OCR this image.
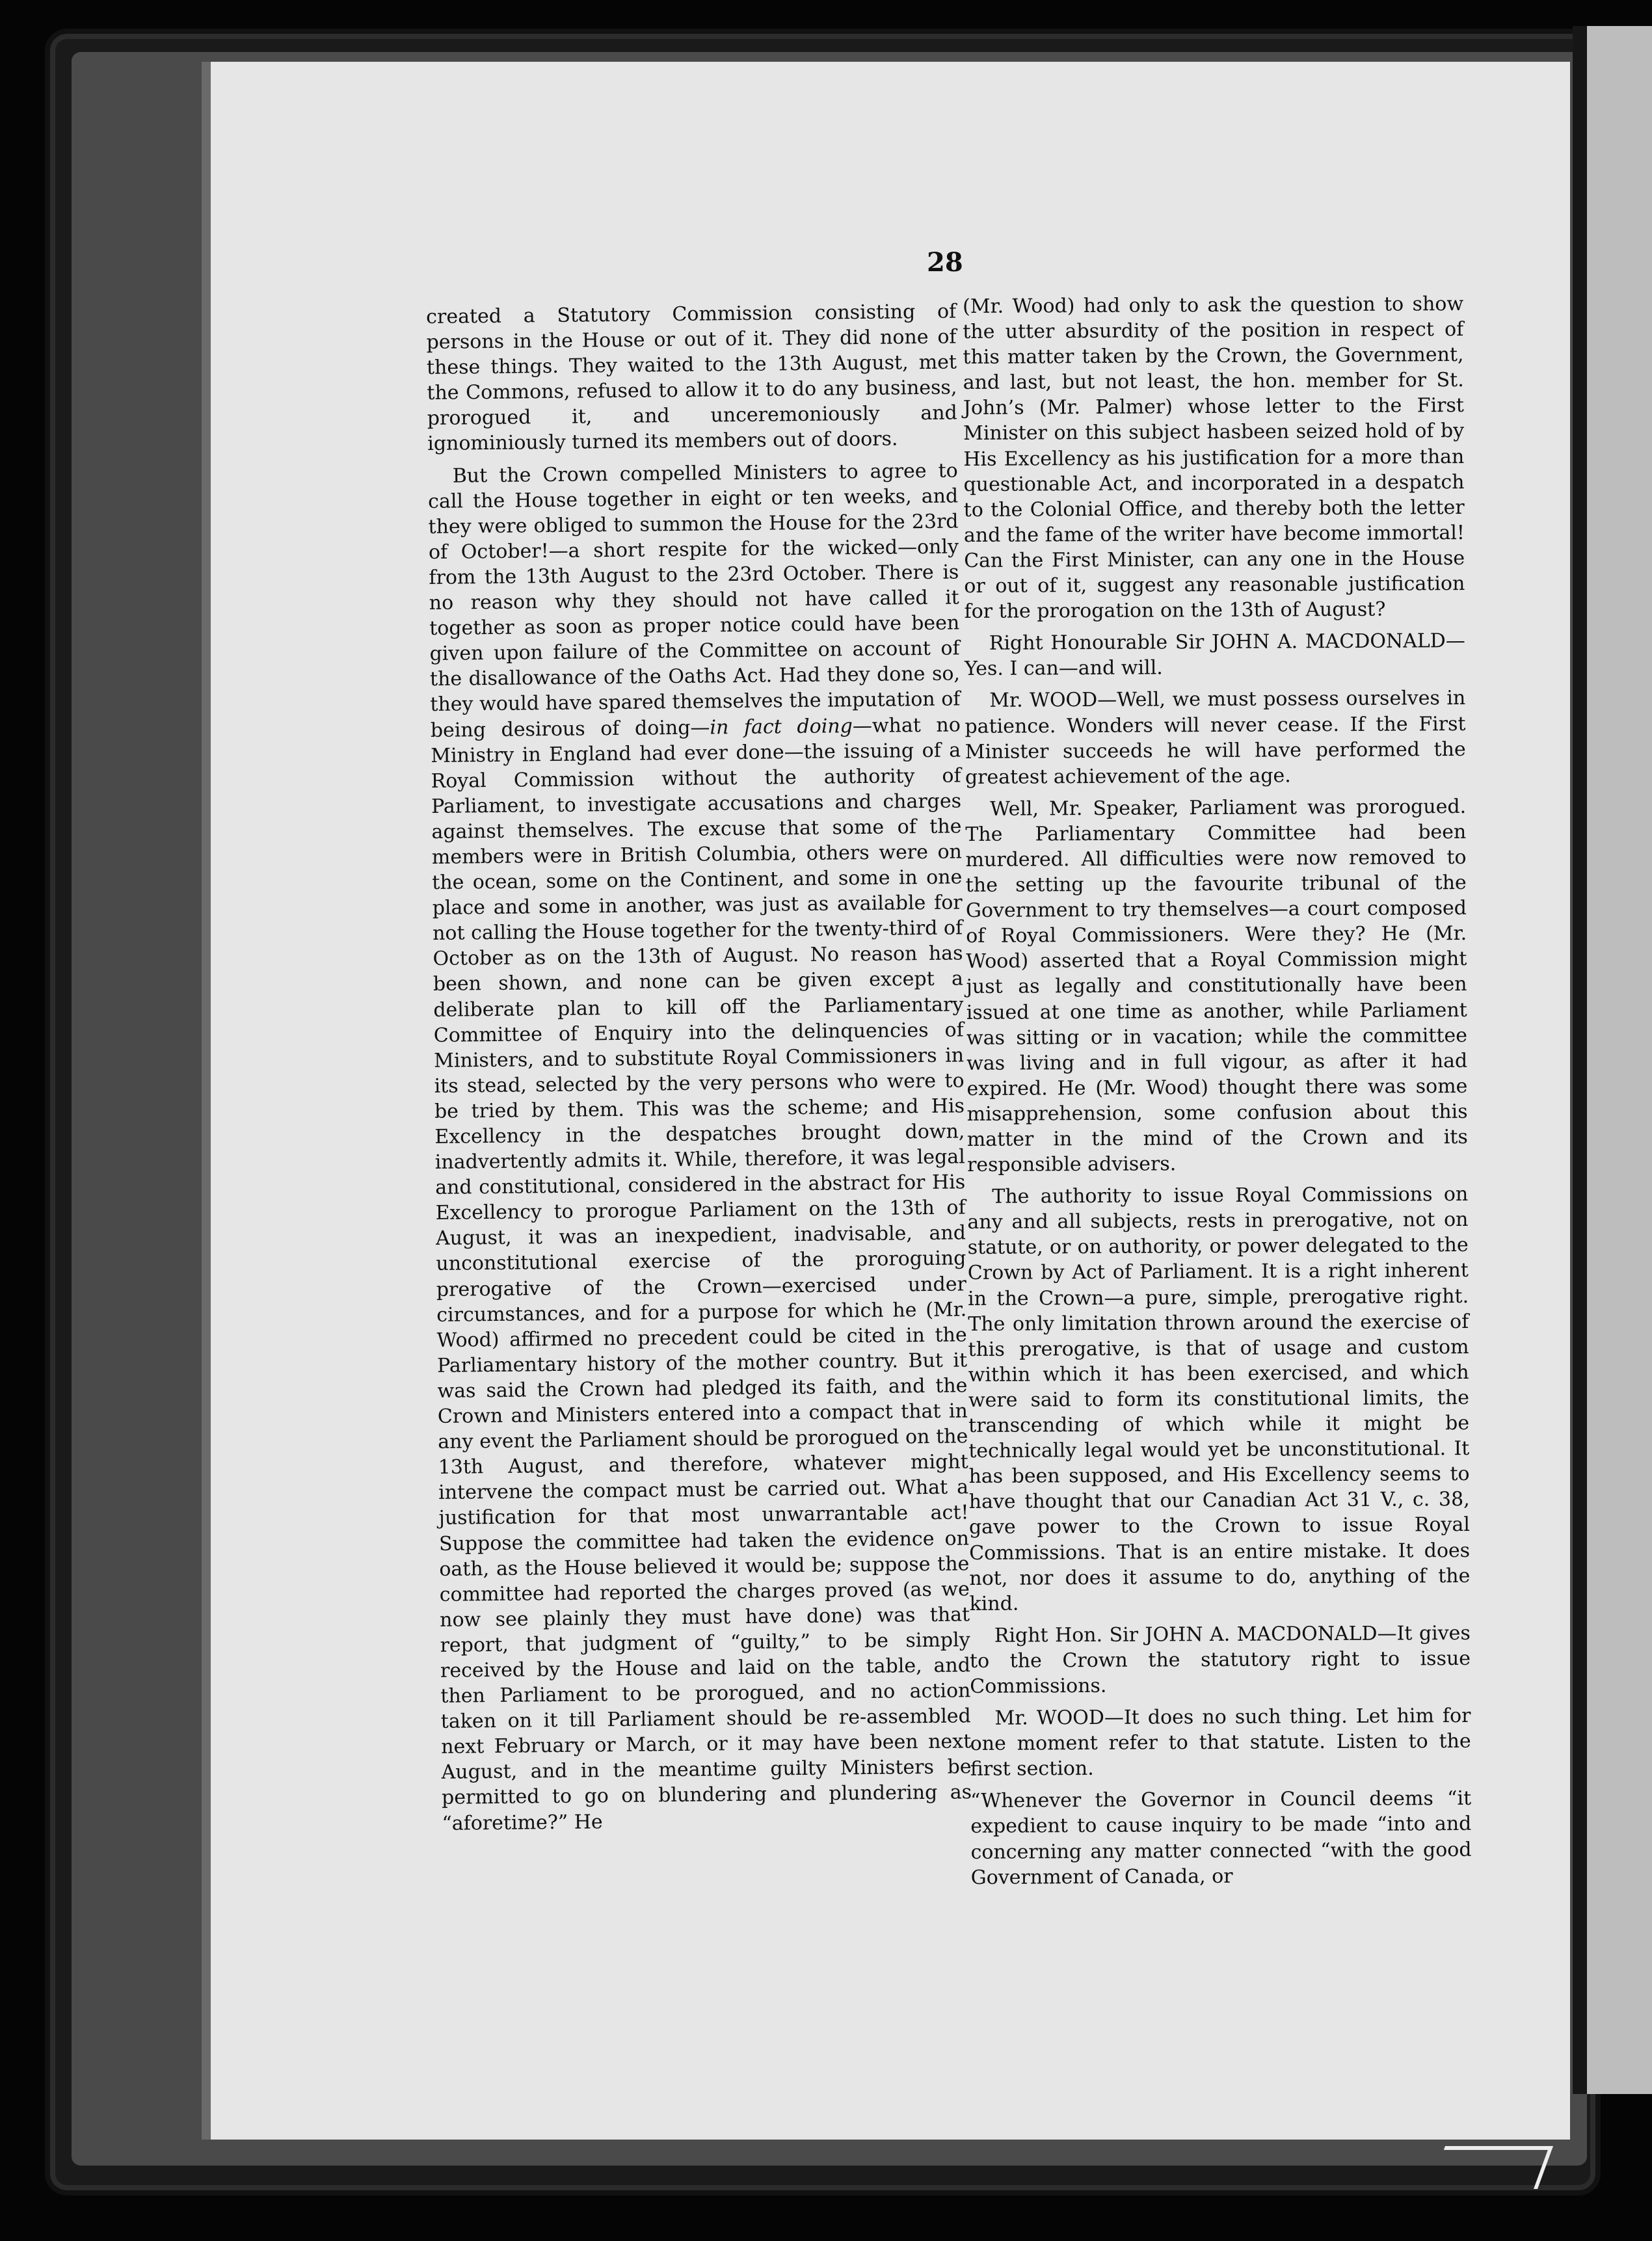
28

created a Statutory Commission consisting of persons in the House or out of it. They did none of these things. They waited to the 13th August, met the Commons, refused to allow it to do any business, prorogued it, and unceremoniously and ignominiously turned its members out of doors.

But the Crown compelled Ministers to agree to call the House together in eight or ten weeks, and they were obliged to summon the House for the 23rd of October!—a short respite for the wicked—only from the 13th August to the 23rd October. There is no reason why they should not have called it together as soon as proper notice could have been given upon failure of the Committee on account of the disallowance of the Oaths Act. Had they done so, they would have spared themselves the imputation of being desirous of doing—in fact doing—what no Ministry in England had ever done—the issuing of a Royal Commission without the authority of Parliament, to investigate accusations and charges against themselves. The excuse that some of the members were in British Columbia, others were on the ocean, some on the Continent, and some in one place and some in another, was just as available for not calling the House together for the twenty-third of October as on the 13th of August. No reason has been shown, and none can be given except a deliberate plan to kill off the Parliamentary Committee of Enquiry into the delinquencies of Ministers, and to substitute Royal Commissioners in its stead, selected by the very persons who were to be tried by them. This was the scheme; and His Excellency in the despatches brought down, inadvertently admits it. While, therefore, it was legal and constitutional, considered in the abstract for His Excellency to prorogue Parliament on the 13th of August, it was an inexpedient, inadvisable, and unconstitutional exercise of the proroguing prerogative of the Crown—exercised under circumstances, and for a purpose for which he (Mr. Wood) affirmed no precedent could be cited in the Parliamentary history of the mother country. But it was said the Crown had pledged its faith, and the Crown and Ministers entered into a compact that in any event the Parliament should be prorogued on the 13th August, and therefore, whatever might intervene the compact must be carried out. What a justification for that most unwarrantable act! Suppose the committee had taken the evidence on oath, as the House believed it would be; suppose the committee had reported the charges proved (as we now see plainly they must have done) was that report, that judgment of “guilty,” to be simply received by the House and laid on the table, and then Parliament to be prorogued, and no action taken on it till Parliament should be re-assembled next February or March, or it may have been next August, and in the meantime guilty Ministers be permitted to go on blundering and plundering as “aforetime?” He

(Mr. Wood) had only to ask the question to show the utter absurdity of the position in respect of this matter taken by the Crown, the Government, and last, but not least, the hon. member for St. John’s (Mr. Palmer) whose letter to the First Minister on this subject hasbeen seized hold of by His Excellency as his justification for a more than questionable Act, and incorporated in a despatch to the Colonial Office, and thereby both the letter and the fame of the writer have become immortal! Can the First Minister, can any one in the House or out of it, suggest any reasonable justification for the prorogation on the 13th of August?

Right Honourable Sir JOHN A. MACDONALD—Yes. I can—and will.

Mr. WOOD—Well, we must possess ourselves in patience. Wonders will never cease. If the First Minister succeeds he will have performed the greatest achievement of the age.

Well, Mr. Speaker, Parliament was prorogued. The Parliamentary Committee had been murdered. All difficulties were now removed to the setting up the favourite tribunal of the Government to try themselves—a court composed of Royal Commissioners. Were they? He (Mr. Wood) asserted that a Royal Commission might just as legally and constitutionally have been issued at one time as another, while Parliament was sitting or in vacation; while the committee was living and in full vigour, as after it had expired. He (Mr. Wood) thought there was some misapprehension, some confusion about this matter in the mind of the Crown and its responsible advisers.

The authority to issue Royal Commissions on any and all subjects, rests in prerogative, not on statute, or on authority, or power delegated to the Crown by Act of Parliament. It is a right inherent in the Crown—a pure, simple, prerogative right. The only limitation thrown around the exercise of this prerogative, is that of usage and custom within which it has been exercised, and which were said to form its constitutional limits, the transcending of which while it might be technically legal would yet be unconstitutional. It has been supposed, and His Excellency seems to have thought that our Canadian Act 31 V., c. 38, gave power to the Crown to issue Royal Commissions. That is an entire mistake. It does not, nor does it assume to do, anything of the kind.

Right Hon. Sir JOHN A. MACDONALD—It gives to the Crown the statutory right to issue Commissions.

Mr. WOOD—It does no such thing. Let him for one moment refer to that statute. Listen to the first section.

“Whenever the Governor in Council deems “it expedient to cause inquiry to be made “into and concerning any matter connected “with the good Government of Canada, or
